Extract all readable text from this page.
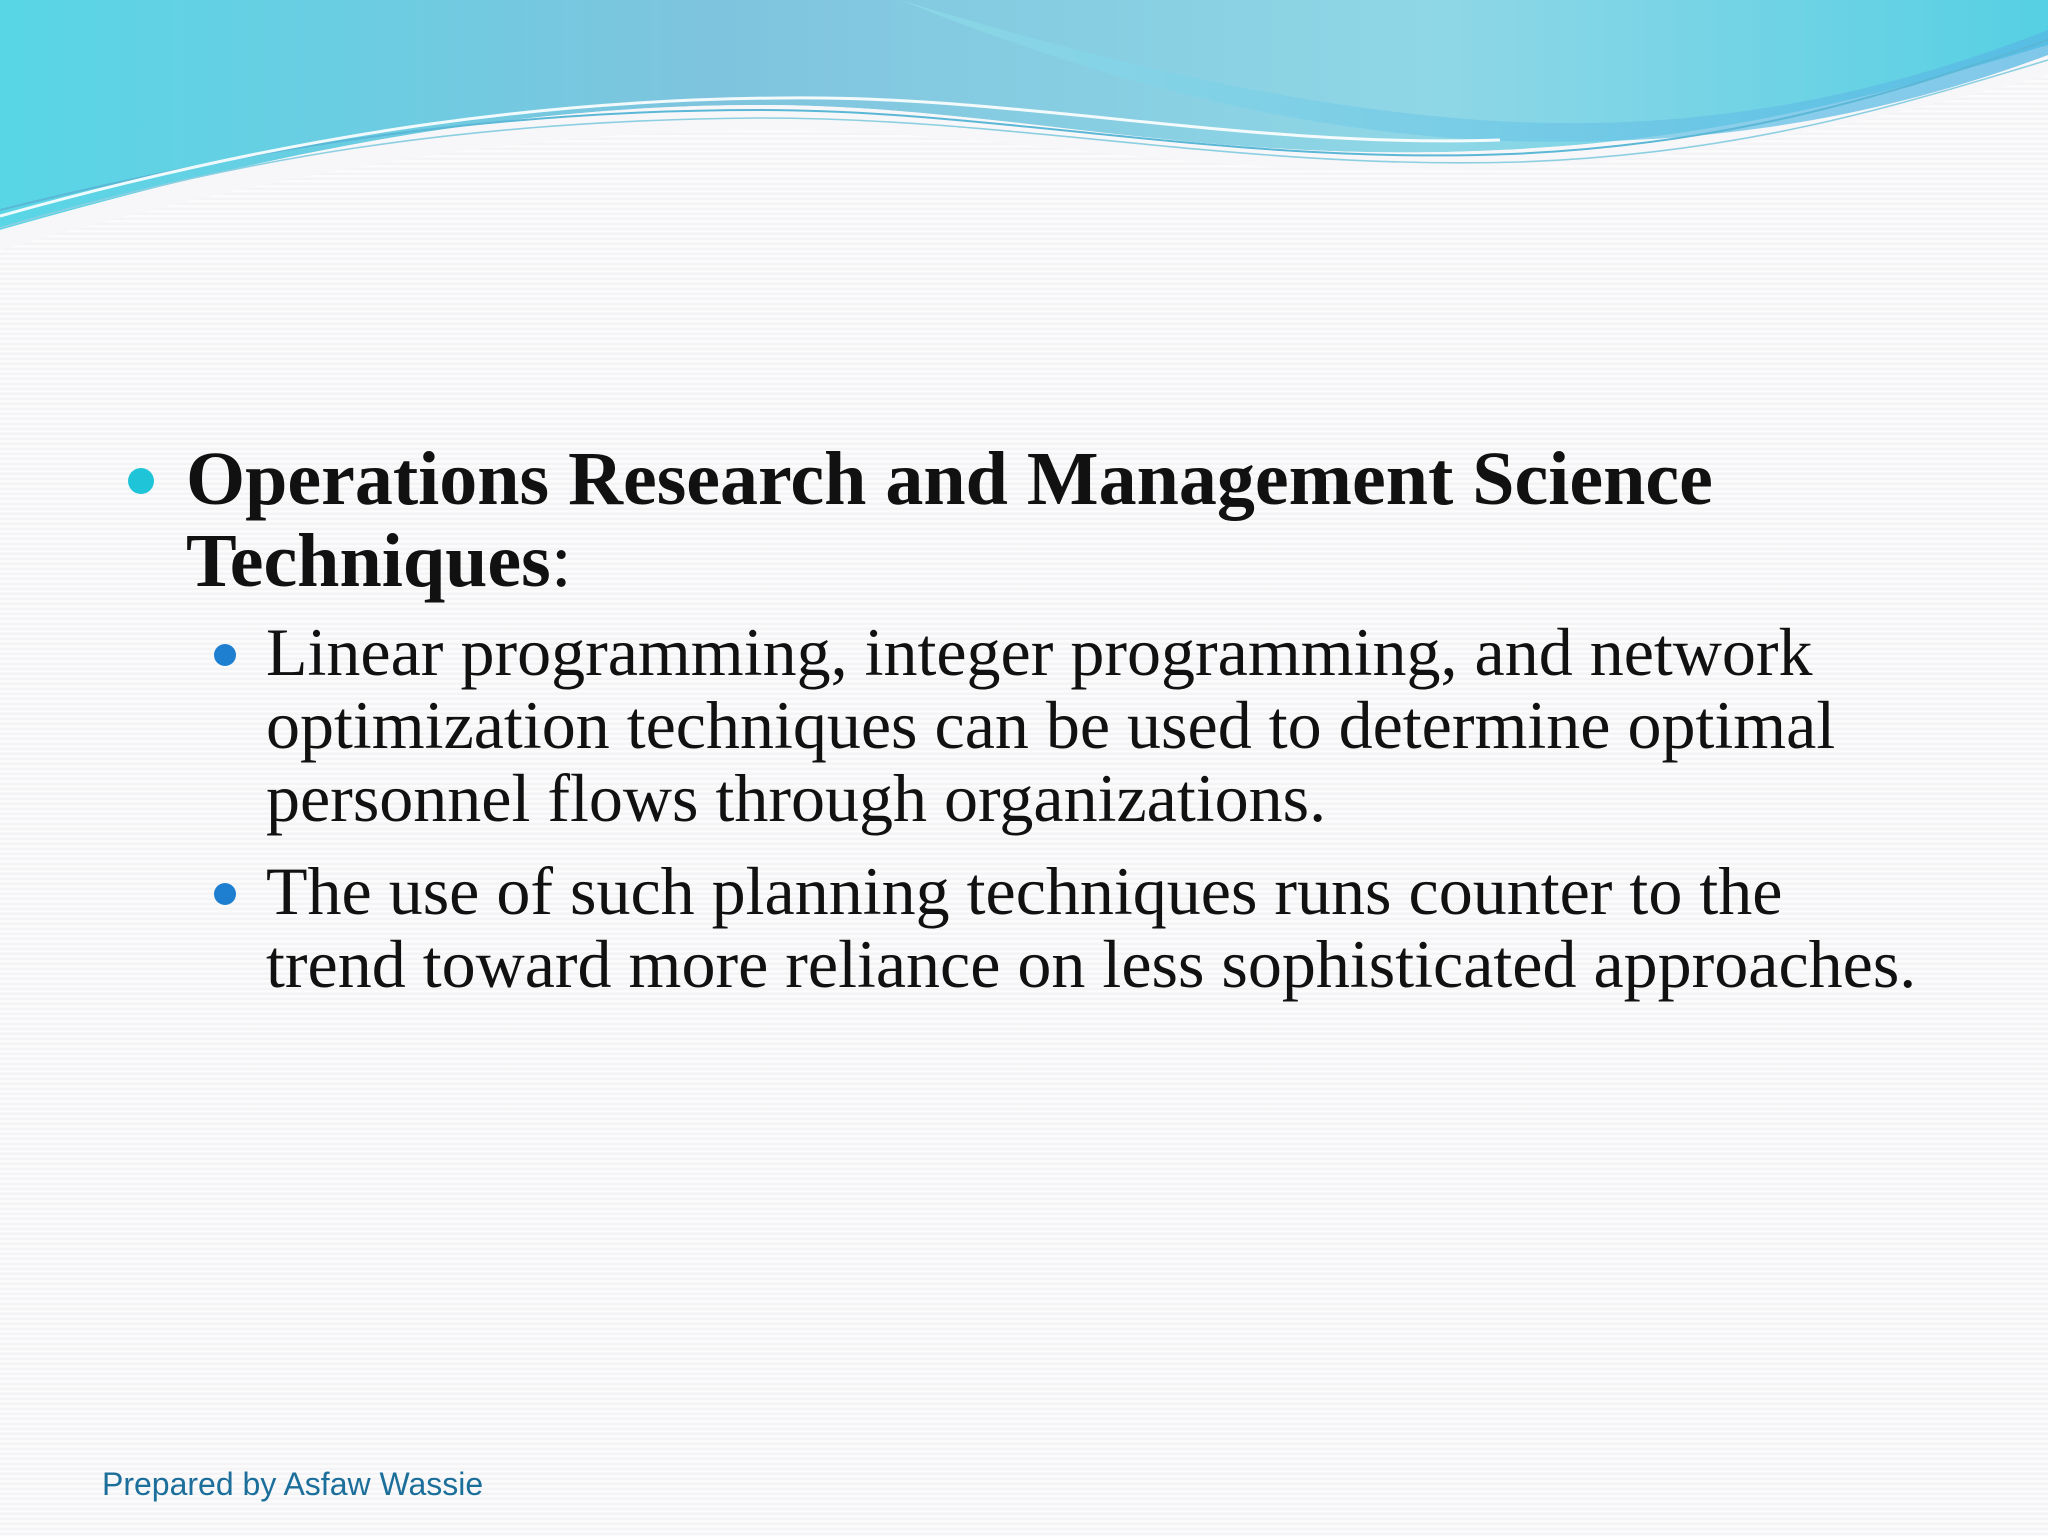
Operations Research and Management Science Techniques:
Linear programming, integer programming, and network optimization techniques can be used to determine optimal personnel flows through organizations.
The use of such planning techniques runs counter to the trend toward more reliance on less sophisticated approaches.
Prepared by Asfaw Wassie
